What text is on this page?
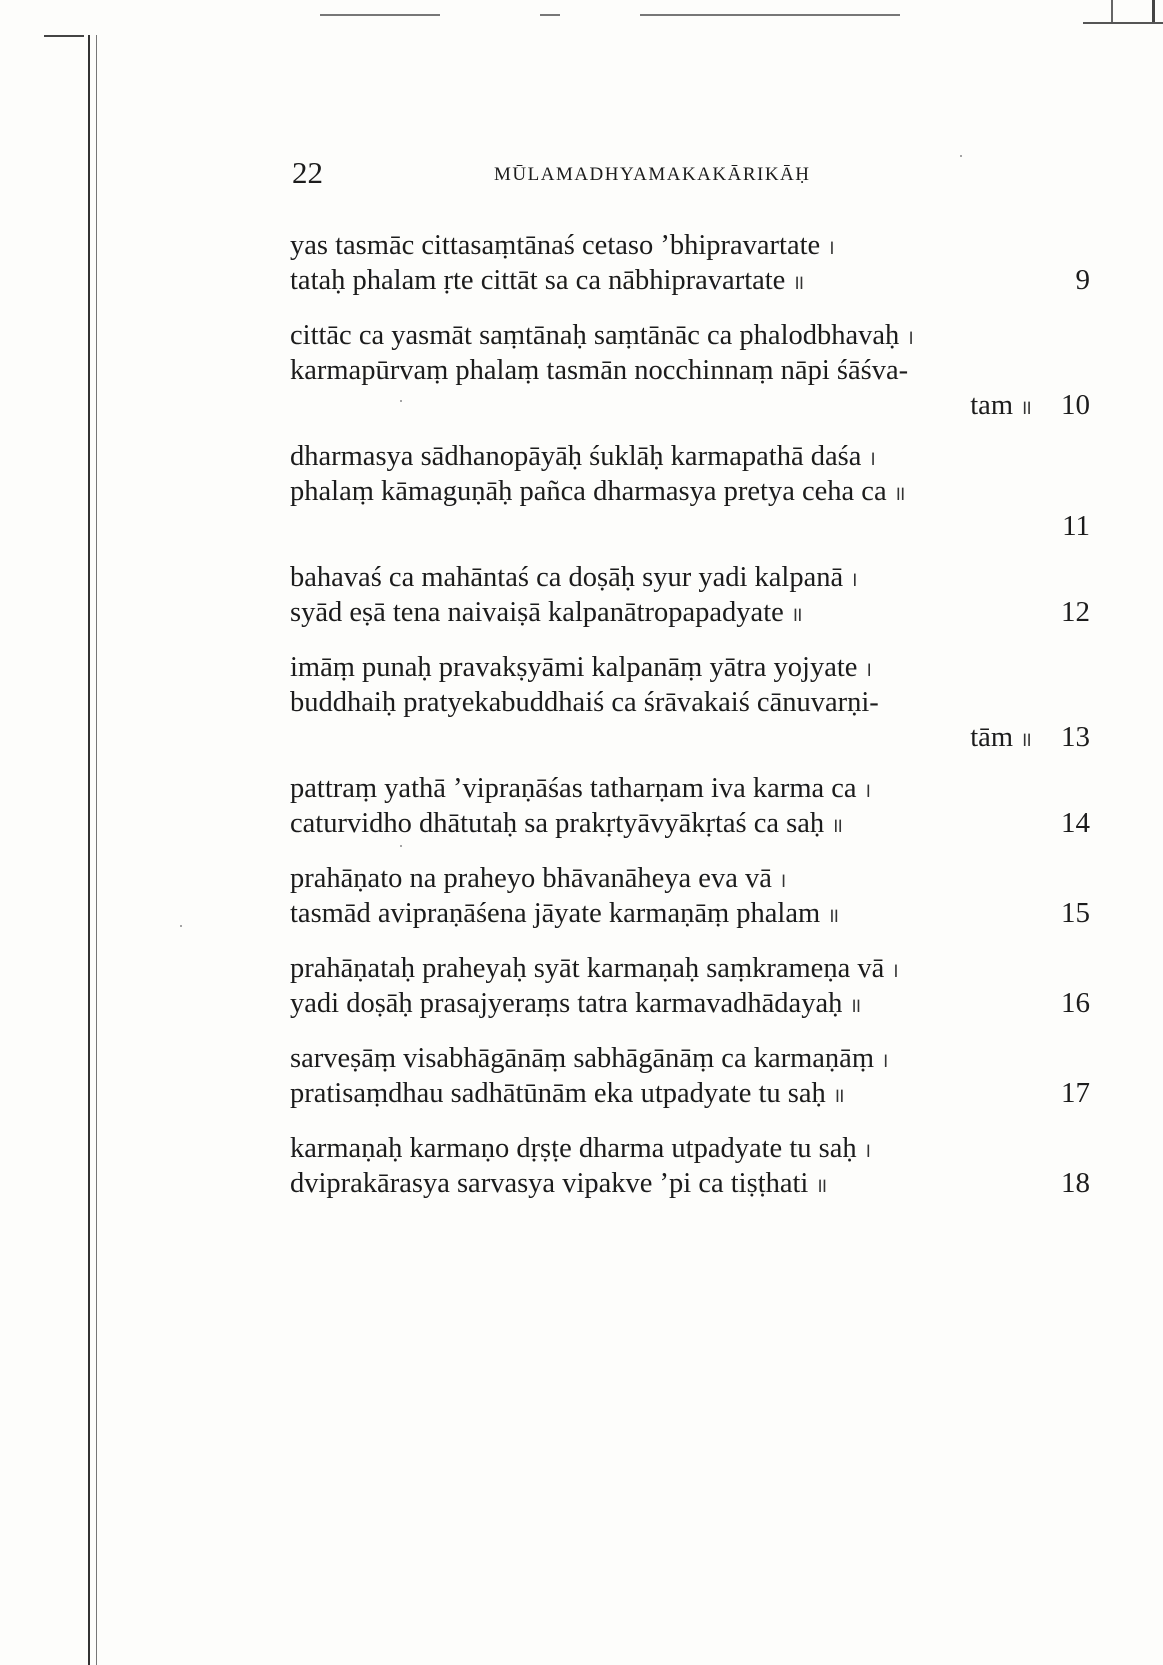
22	MŪLAMADHYAMAKAKĀRIKĀḤ
yas tasmāc cittasaṃtānaś cetaso ’bhipravartate ।
tataḥ phalam ṛte cittāt sa ca nābhipravartate ॥	9
cittāc ca yasmāt saṃtānaḥ saṃtānāc ca phalodbhavaḥ ।
karmapūrvaṃ phalaṃ tasmān nocchinnaṃ nāpi śāśva-
tam ॥ 10
dharmasya sādhanopāyāḥ śuklāḥ karmapathā daśa ।
phalaṃ kāmaguṇāḥ pañca dharmasya pretya ceha ca ॥
11
bahavaś ca mahāntaś ca doṣāḥ syur yadi kalpanā ।
syād eṣā tena naivaiṣā kalpanātropapadyate ॥	12
imāṃ punaḥ pravakṣyāmi kalpanāṃ yātra yojyate ।
buddhaiḥ pratyekabuddhaiś ca śrāvakaiś cānuvarṇi-
tām ॥ 13
pattraṃ yathā ’vipraṇāśas tatharṇam iva karma ca ।
caturvidho dhātutaḥ sa prakṛtyāvyākṛtaś ca saḥ ॥	14
prahāṇato na praheyo bhāvanāheya eva vā ।
tasmād avipraṇāśena jāyate karmaṇāṃ phalam ॥	15
prahāṇataḥ praheyaḥ syāt karmaṇaḥ saṃkrameṇa vā ।
yadi doṣāḥ prasajyeraṃs tatra karmavadhādayaḥ ॥	16
sarveṣāṃ visabhāgānāṃ sabhāgānāṃ ca karmaṇāṃ ।
pratisaṃdhau sadhātūnām eka utpadyate tu saḥ ॥	17
karmaṇaḥ karmaṇo dṛṣṭe dharma utpadyate tu saḥ ।
dviprakārasya sarvasya vipakve ’pi ca tiṣṭhati ॥	18
